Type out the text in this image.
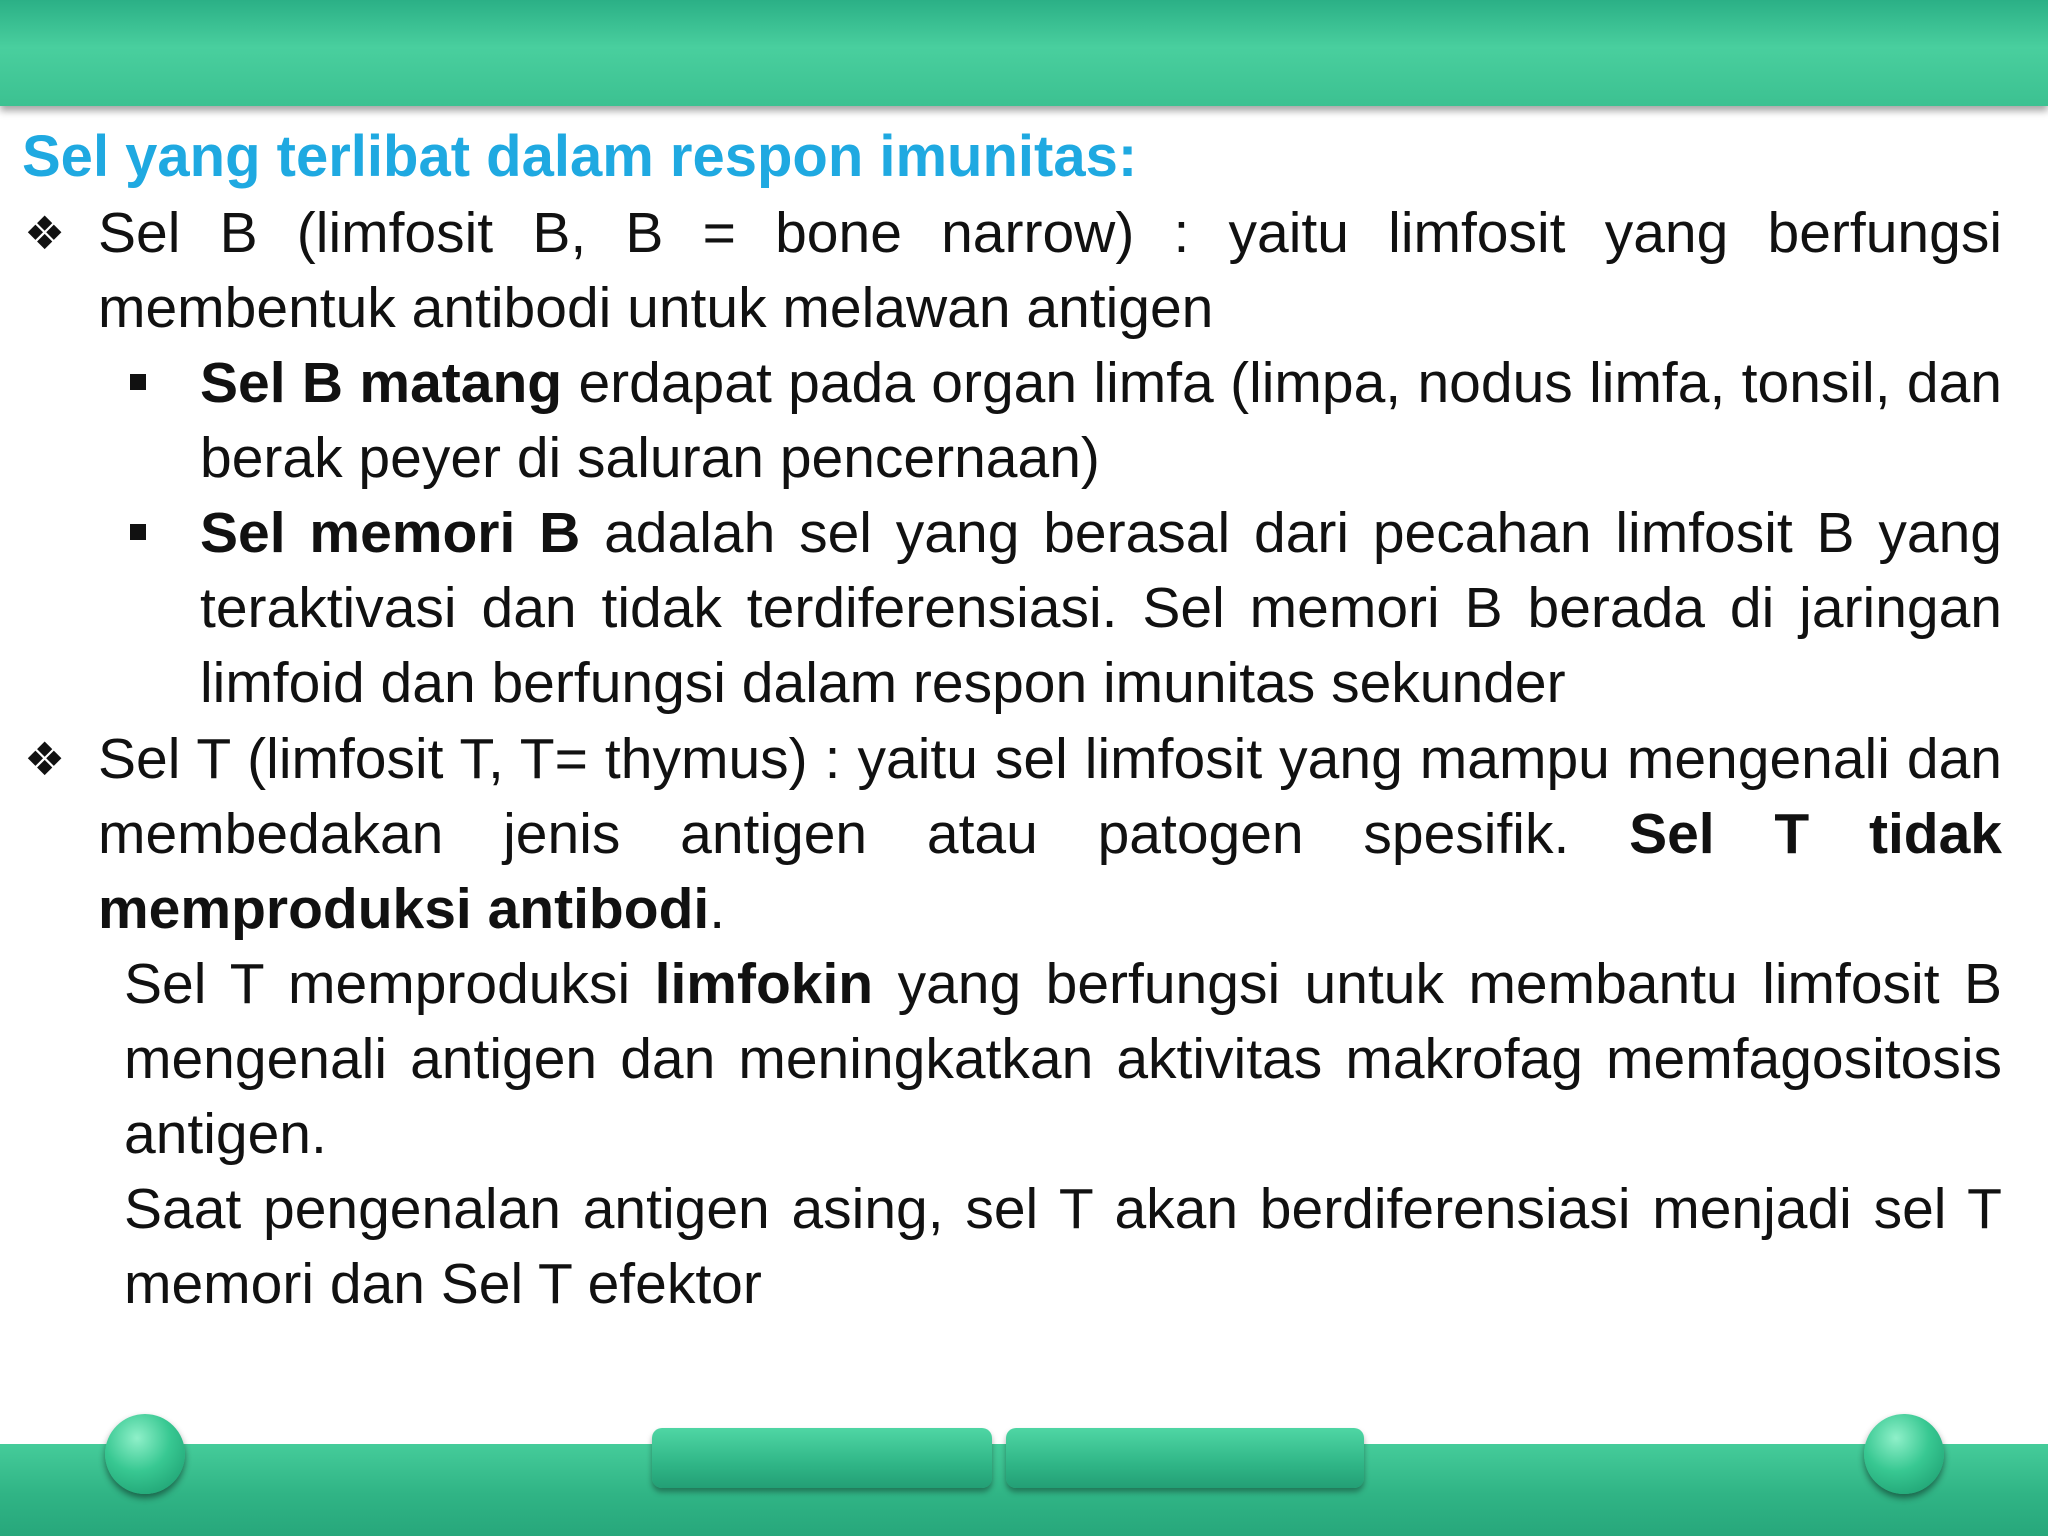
Sel yang terlibat dalam respon imunitas:
❖ Sel B (limfosit B, B = bone narrow) : yaitu limfosit yang berfungsi membentuk antibodi untuk melawan antigen
Sel B matang erdapat pada organ limfa (limpa, nodus limfa, tonsil, dan berak peyer di saluran pencernaan)
Sel memori B adalah sel yang berasal dari pecahan limfosit B yang teraktivasi dan tidak terdiferensiasi. Sel memori B berada di jaringan limfoid dan berfungsi dalam respon imunitas sekunder
❖ Sel T (limfosit T, T= thymus) : yaitu sel limfosit yang mampu mengenali dan membedakan jenis antigen atau patogen spesifik. Sel T tidak memproduksi antibodi.
Sel T memproduksi limfokin yang berfungsi untuk membantu limfosit B mengenali antigen dan meningkatkan aktivitas makrofag memfagositosis antigen.
Saat pengenalan antigen asing, sel T akan berdiferensiasi menjadi sel T memori dan Sel T efektor
